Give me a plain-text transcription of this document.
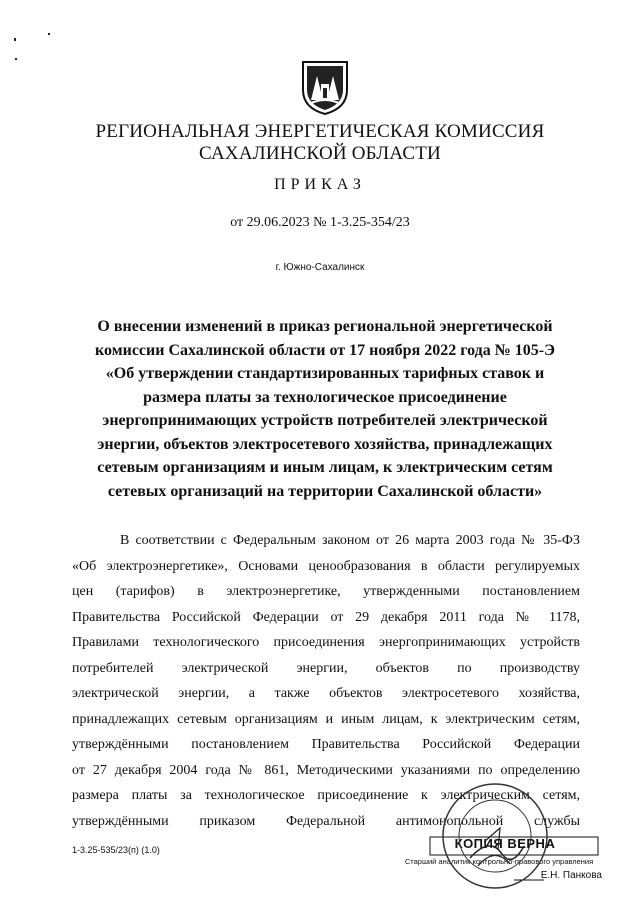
РЕГИОНАЛЬНАЯ ЭНЕРГЕТИЧЕСКАЯ КОМИССИЯ
САХАЛИНСКОЙ ОБЛАСТИ
ПРИКАЗ
от 29.06.2023 № 1-3.25-354/23
г. Южно-Сахалинск
О внесении изменений в приказ региональной энергетической
комиссии Сахалинской области от 17 ноября 2022 года № 105-Э
«Об утверждении стандартизированных тарифных ставок и
размера платы за технологическое присоединение
энергопринимающих устройств потребителей электрической
энергии, объектов электросетевого хозяйства, принадлежащих
сетевым организациям и иным лицам, к электрическим сетям
сетевых организаций на территории Сахалинской области»
В соответствии с Федеральным законом от 26 марта 2003 года № 35-ФЗ
«Об электроэнергетике», Основами ценообразования в области регулируемых
цен (тарифов) в электроэнергетике, утвержденными постановлением
Правительства Российской Федерации от 29 декабря 2011 года № 1178,
Правилами технологического присоединения энергопринимающих устройств
потребителей электрической энергии, объектов по производству
электрической энергии, а также объектов электросетевого хозяйства,
принадлежащих сетевым организациям и иным лицам, к электрическим сетям,
утверждёнными постановлением Правительства Российской Федерации
от 27 декабря 2004 года № 861, Методическими указаниями по определению
размера платы за технологическое присоединение к электрическим сетям,
утверждёнными приказом Федеральной антимонопольной службы
1-3.25-535/23(п) (1.0)	КОПИЯ ВЕРНА
Старший аналитик контрольно-правового управления
Е.Н. Панкова
